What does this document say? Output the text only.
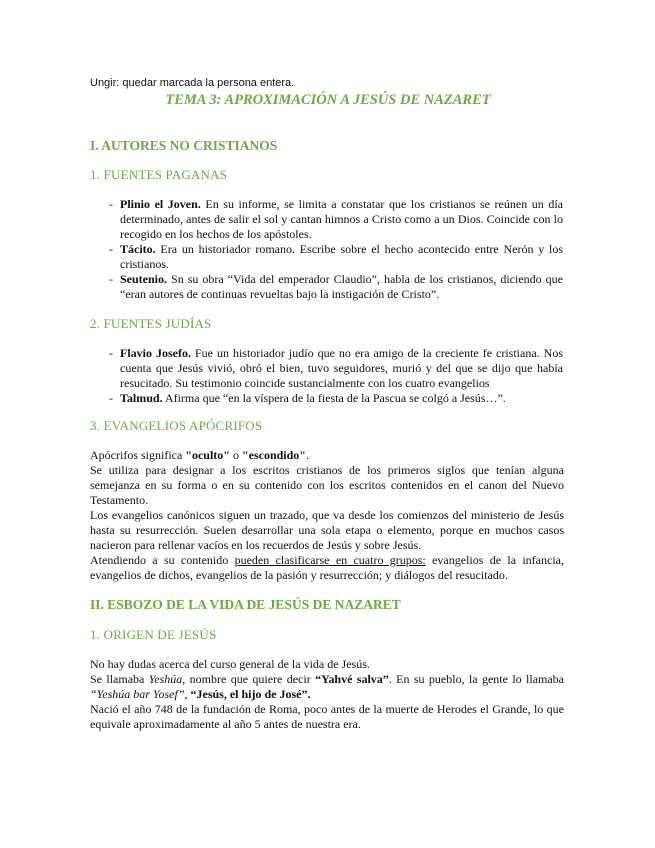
Ungir: quedar marcada la persona entera.
TEMA 3: APROXIMACIÓN A JESÚS DE NAZARET
I. AUTORES NO CRISTIANOS
1. FUENTES PAGANAS
- Plinio el Joven. En su informe, se limita a constatar que los cristianos se reúnen un día determinado, antes de salir el sol y cantan himnos a Cristo como a un Dios. Coincide con lo recogido en los hechos de los apóstoles.
- Tácito. Era un historiador romano. Escribe sobre el hecho acontecido entre Nerón y los cristianos.
- Seutenio. Sn su obra “Vida del emperador Claudio”, habla de los cristianos, diciendo que “eran autores de continuas revueltas bajo la instigación de Cristo”.
2. FUENTES JUDÍAS
- Flavio Josefo. Fue un historiador judío que no era amigo de la creciente fe cristiana. Nos cuenta que Jesús vivió, obró el bien, tuvo seguidores, murió y del que se dijo que había resucitado. Su testimonio coincide sustancialmente con los cuatro evangelios
- Talmud. Afirma que “en la víspera de la fiesta de la Pascua se colgó a Jesús…”.
3. EVANGELIOS APÓCRIFOS
Apócrifos significa "oculto" o "escondido".
Se utiliza para designar a los escritos cristianos de los primeros siglos que tenían alguna semejanza en su forma o en su contenido con los escritos contenidos en el canon del Nuevo Testamento.
Los evangelios canónicos siguen un trazado, que va desde los comienzos del ministerio de Jesús hasta su resurrección. Suelen desarrollar una sola etapa o elemento, porque en muchos casos nacieron para rellenar vacíos en los recuerdos de Jesús y sobre Jesús.
Atendiendo a su contenido pueden clasificarse en cuatro grupos: evangelios de la infancia, evangelios de dichos, evangelios de la pasión y resurrección; y diálogos del resucitado.
II. ESBOZO DE LA VIDA DE JESÚS DE NAZARET
1. ORIGEN DE JESÚS
No hay dudas acerca del curso general de la vida de Jesús.
Se llamaba Yeshúa, nombre que quiere decir “Yahvé salva”. En su pueblo, la gente lo llamaba “Yeshúa bar Yosef”, “Jesús, el hijo de José”.
Nació el año 748 de la fundación de Roma, poco antes de la muerte de Herodes el Grande, lo que equivale aproximadamente al año 5 antes de nuestra era.
